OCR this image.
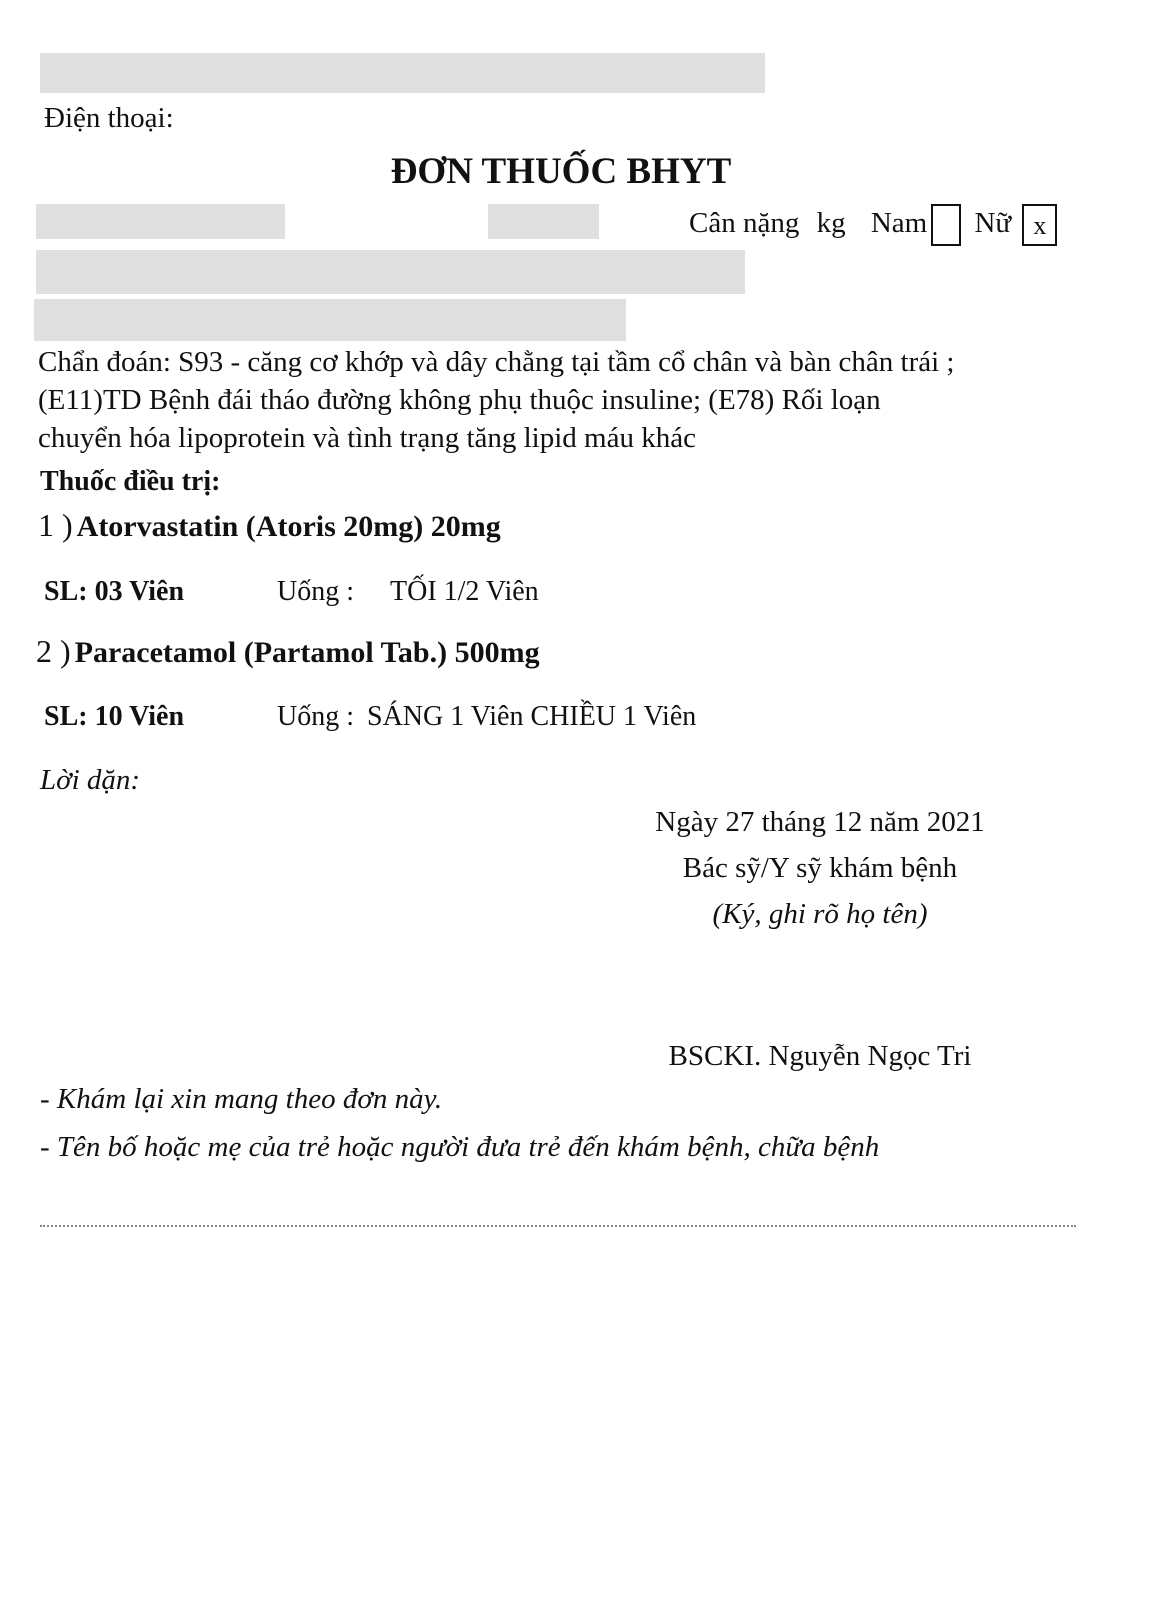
Điện thoại:
ĐƠN THUỐC BHYT
Cân nặng kg Nam Nữ x
Chẩn đoán: S93 - căng cơ khớp và dây chằng tại tầm cổ chân và bàn chân trái ;
(E11)TD Bệnh đái tháo đường không phụ thuộc insuline; (E78) Rối loạn
chuyển hóa lipoprotein và tình trạng tăng lipid máu khác
Thuốc điều trị:
1 ) Atorvastatin (Atoris 20mg) 20mg
SL: 03 Viên	Uống : TỐI 1/2 Viên
2 ) Paracetamol (Partamol Tab.) 500mg
SL: 10 Viên	Uống : SÁNG 1 Viên CHIỀU 1 Viên
Lời dặn:
Ngày 27 tháng 12 năm 2021
Bác sỹ/Y sỹ khám bệnh
(Ký, ghi rõ họ tên)
BSCKI. Nguyễn Ngọc Tri
- Khám lại xin mang theo đơn này.
- Tên bố hoặc mẹ của trẻ hoặc người đưa trẻ đến khám bệnh, chữa bệnh
